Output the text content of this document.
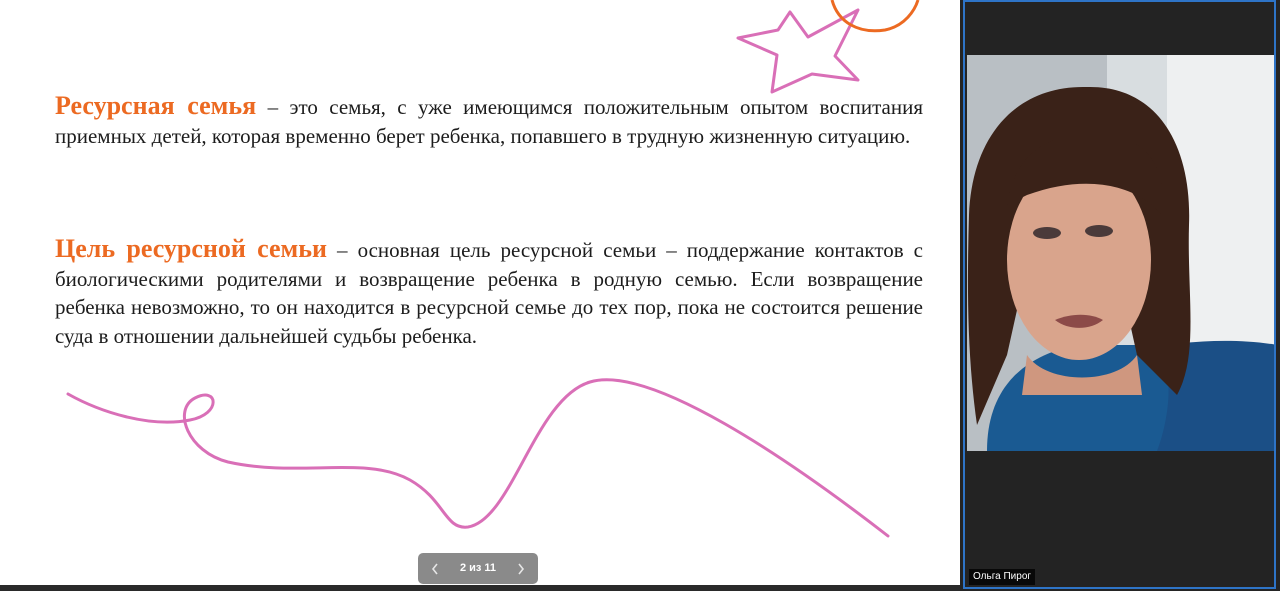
Ресурсная семья – это семья, с уже имеющимся положительным опытом воспитания приемных детей, которая временно берет ребенка, попавшего в трудную жизненную ситуацию.
Цель ресурсной семьи – основная цель ресурсной семьи – поддержание контактов с биологическими родителями и возвращение ребенка в родную семью. Если возвращение ребенка невозможно, то он находится в ресурсной семье до тех пор, пока не состоится решение суда в отношении дальнейшей судьбы ребенка.
2 из 11
Ольга Пирог
